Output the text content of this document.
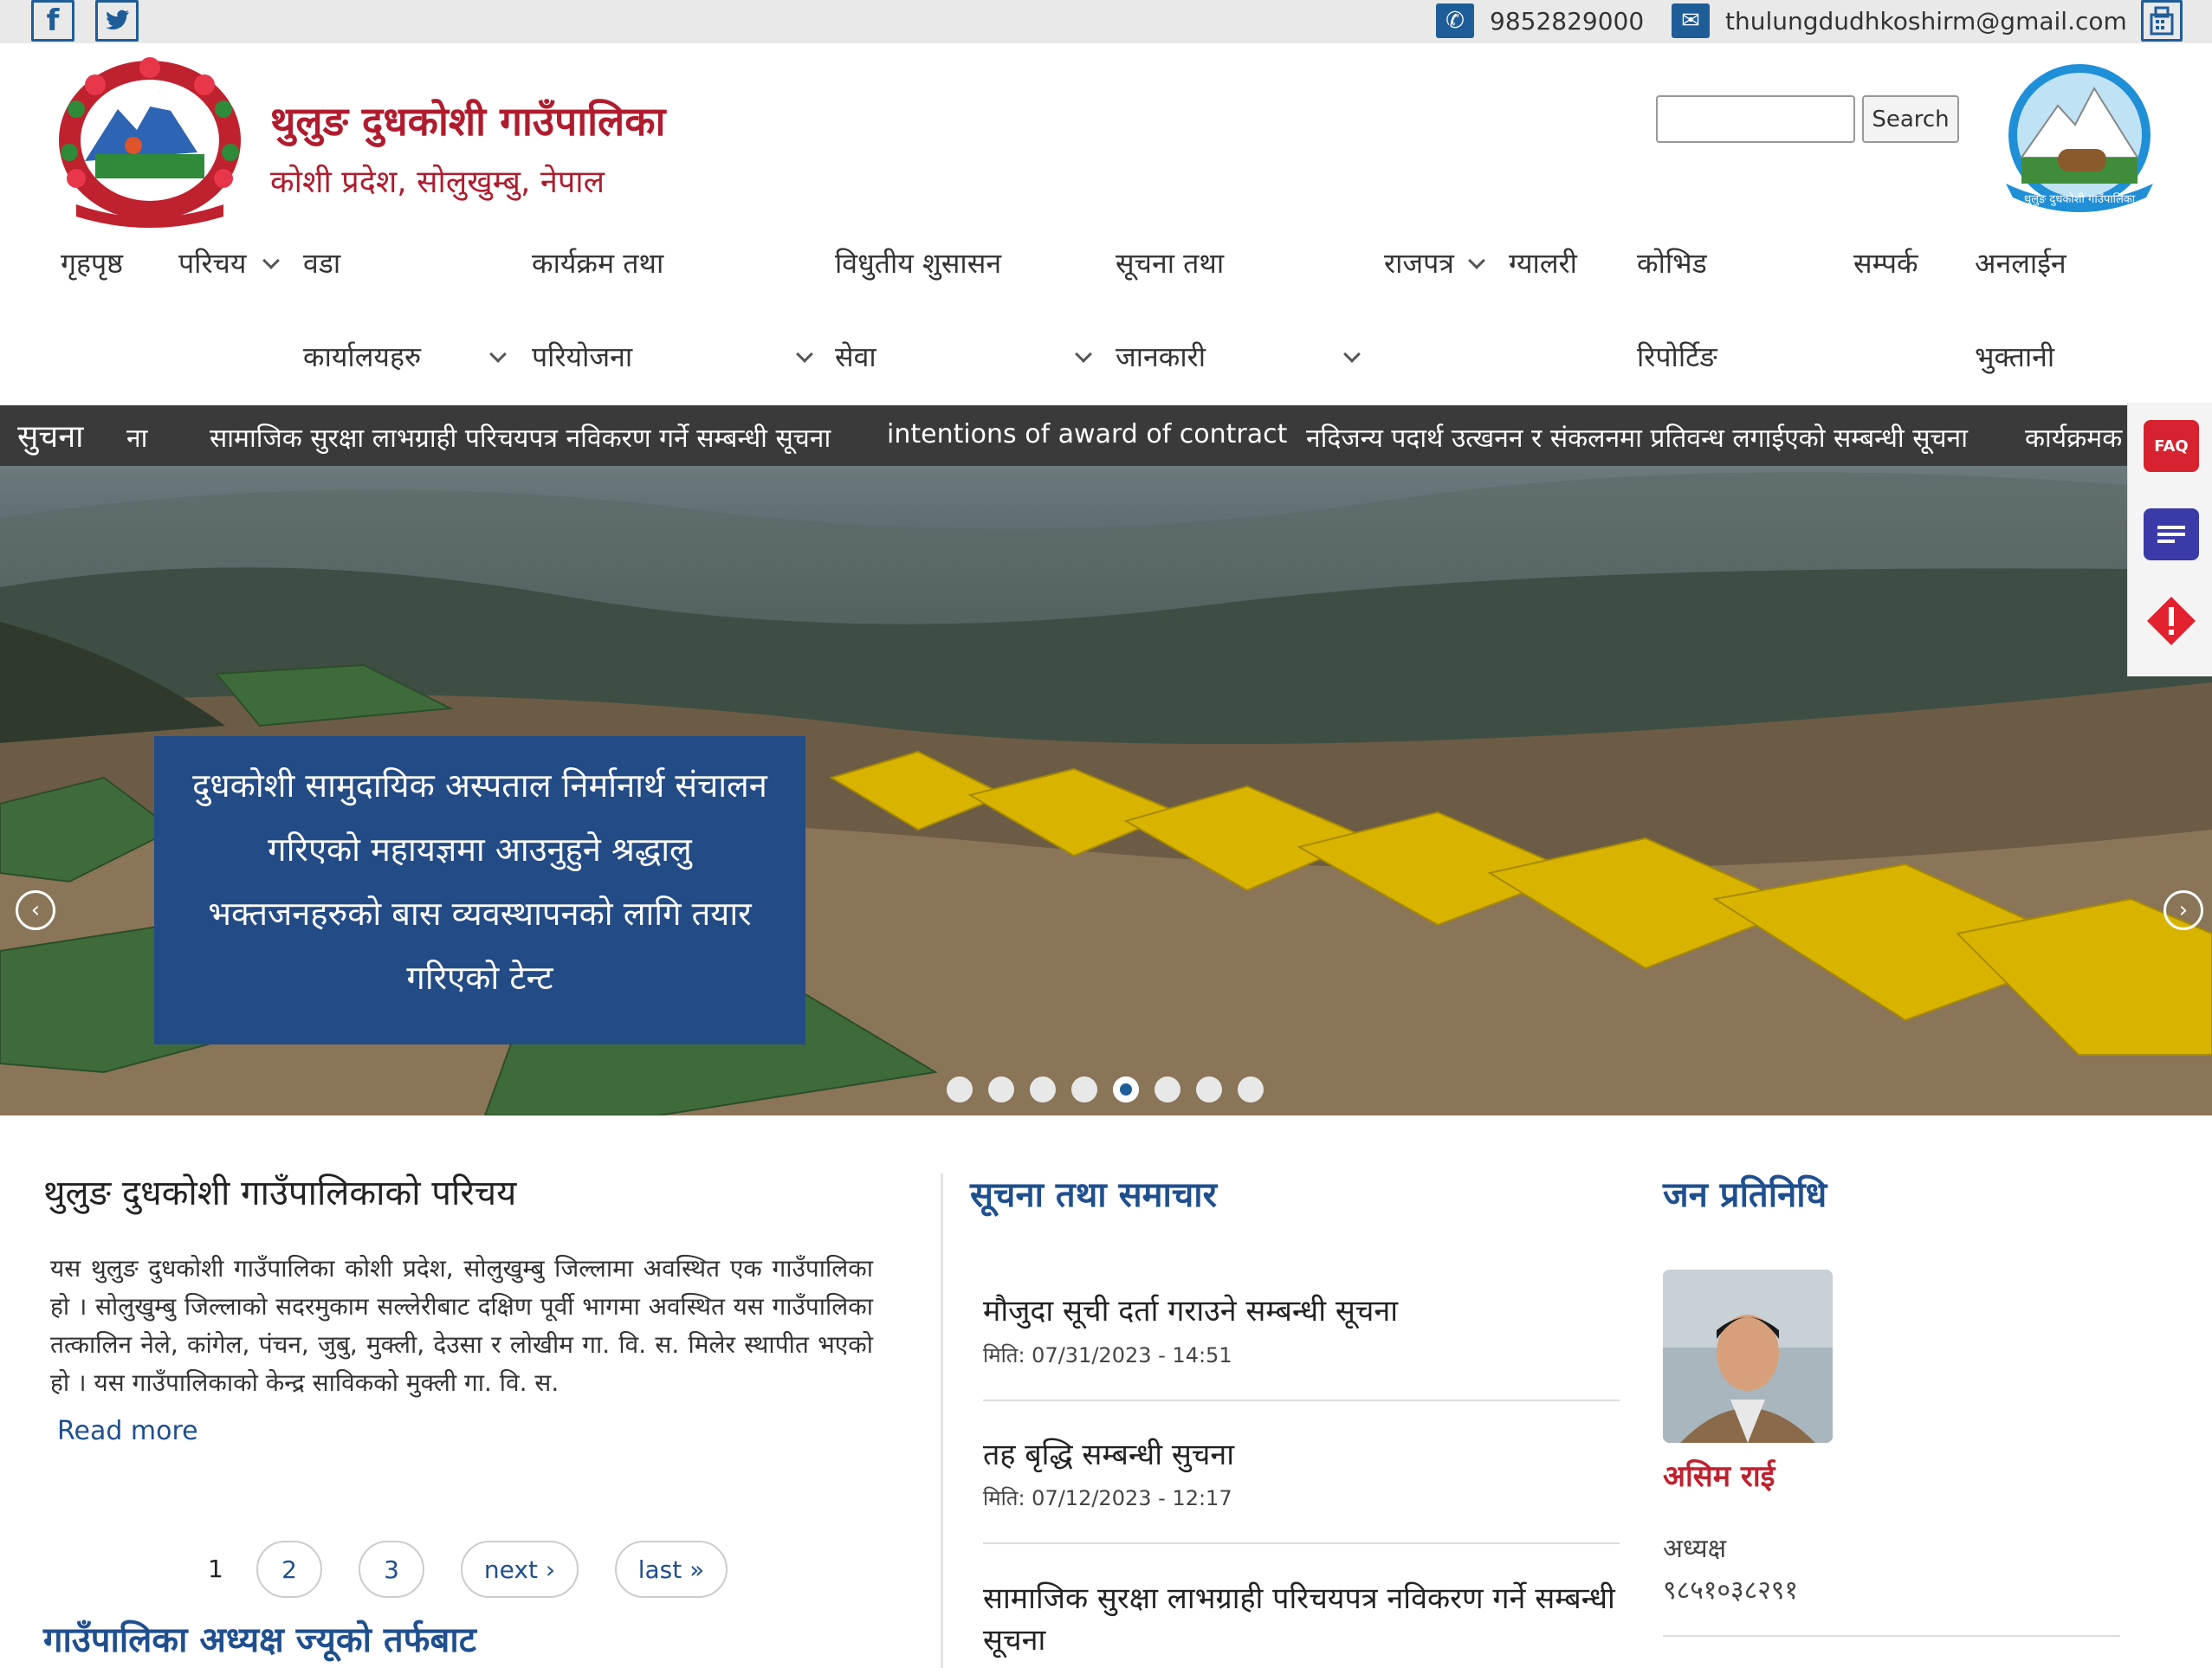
f	✆	9852829000	✉	thulungdudhkoshirm@gmail.com
थुलुङ दुधकोशी गाउँपालिका
कोशी प्रदेश, सोलुखुम्बु, नेपाल
Search
थुलुङ दुधकोशी गाउँपालिका
गृहपृष्ठ परिचय वडा
कार्यालयहरु
कार्यक्रम तथा
परियोजना
विधुतीय शुसासन
सेवा
सूचना तथा
जानकारी
राजपत्र ग्यालरी कोभिड
रिपोर्टिङ
सम्पर्क अनलाईन
भुक्तानी
सुचना ना सामाजिक सुरक्षा लाभग्राही परिचयपत्र नविकरण गर्ने सम्बन्धी सूचना intentions of award of contract नदिजन्य पदार्थ उत्खनन र संकलनमा प्रतिवन्ध लगाईएको सम्बन्धी सूचना कार्यक्रमक
‹	›
दुधकोशी सामुदायिक अस्पताल निर्मानार्थ संचालन गरिएको महायज्ञमा आउनुहुने श्रद्धालु भक्तजनहरुको बास व्यवस्थापनको लागि तयार गरिएको टेन्ट
FAQ
थुलुङ दुधकोशी गाउँपालिकाको परिचय
यस थुलुङ दुधकोशी गाउँपालिका कोशी प्रदेश, सोलुखुम्बु जिल्लामा अवस्थित एक गाउँपालिका हो । सोलुखुम्बु जिल्लाको सदरमुकाम सल्लेरीबाट दक्षिण पूर्वी भागमा अवस्थित यस गाउँपालिका तत्कालिन नेले, कांगेल, पंचन, जुबु, मुक्ली, देउसा र लोखीम गा. वि. स. मिलेर स्थापीत भएको हो । यस गाउँपालिकाको केन्द्र साविकको मुक्ली गा. वि. स.
Read more
1	2	3	next ›	last »
गाउँपालिका अध्यक्ष ज्यूको तर्फबाट
सूचना तथा समाचार
मौजुदा सूची दर्ता गराउने सम्बन्धी सूचना
मिति: 07/31/2023 - 14:51
तह बृद्धि सम्बन्धी सुचना
मिति: 07/12/2023 - 12:17
सामाजिक सुरक्षा लाभग्राही परिचयपत्र नविकरण गर्ने सम्बन्धी सूचना
जन प्रतिनिधि
असिम राई
अध्यक्ष
९८५१०३८२९१
